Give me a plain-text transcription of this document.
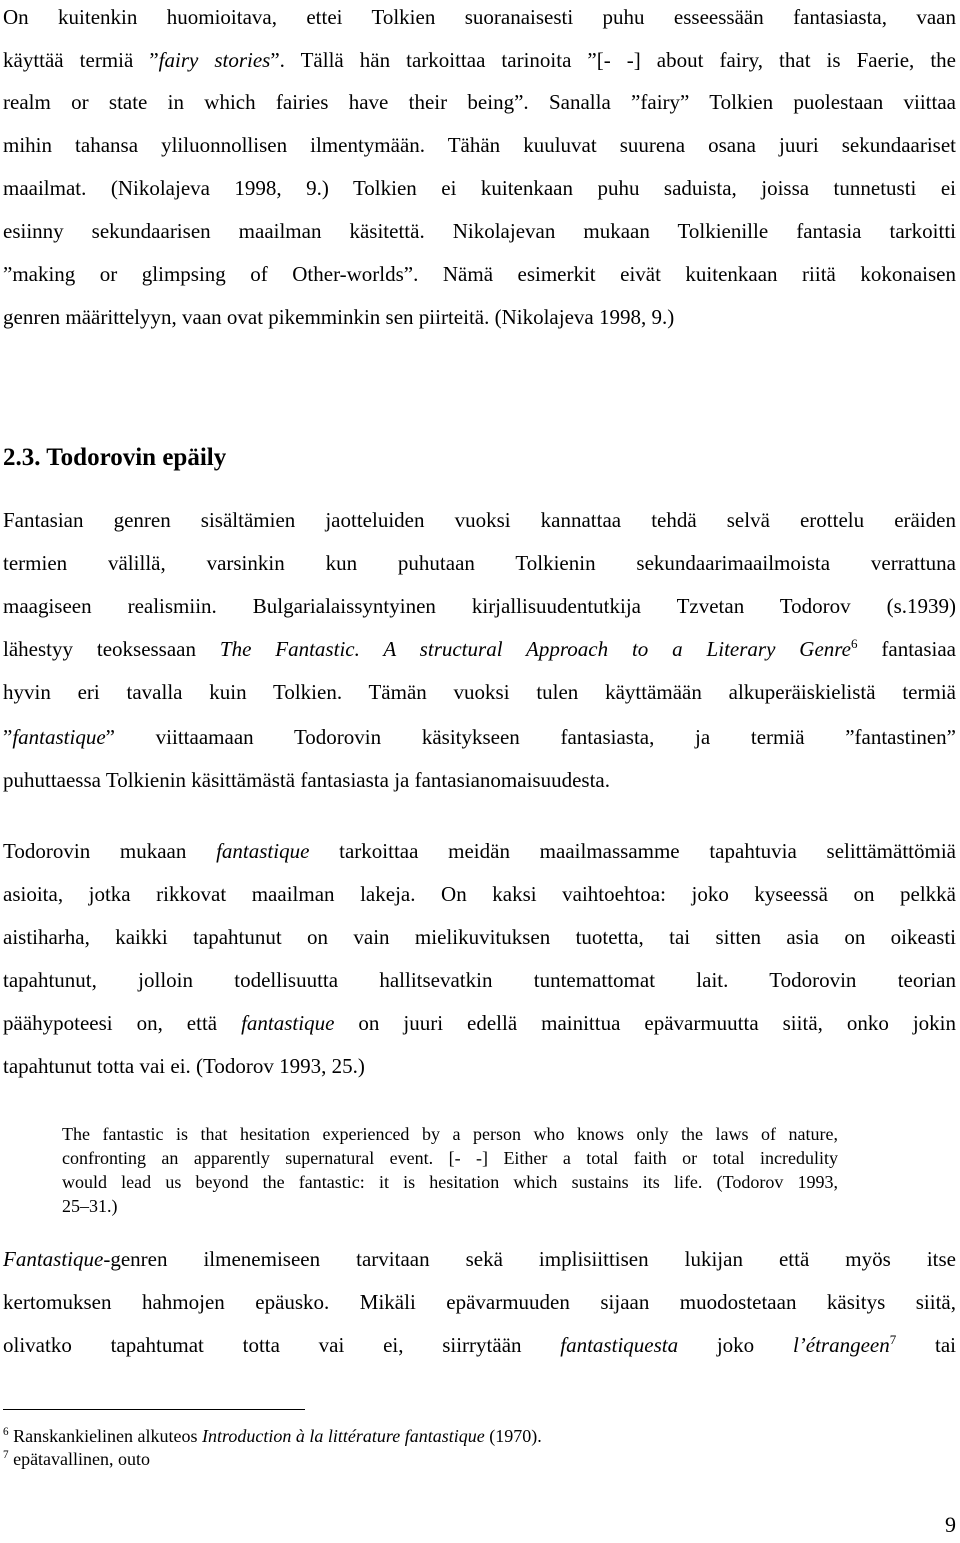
On kuitenkin huomioitava, ettei Tolkien suoranaisesti puhu esseessään fantasiasta, vaan
käyttää termiä ”fairy stories”. Tällä hän tarkoittaa tarinoita ”[- -] about fairy, that is Faerie, the
realm or state in which fairies have their being”. Sanalla ”fairy” Tolkien puolestaan viittaa
mihin tahansa yliluonnollisen ilmentymään. Tähän kuuluvat suurena osana juuri sekundaariset
maailmat. (Nikolajeva 1998, 9.) Tolkien ei kuitenkaan puhu saduista, joissa tunnetusti ei
esiinny sekundaarisen maailman käsitettä. Nikolajevan mukaan Tolkienille fantasia tarkoitti
”making or glimpsing of Other-worlds”. Nämä esimerkit eivät kuitenkaan riitä kokonaisen
genren määrittelyyn, vaan ovat pikemminkin sen piirteitä. (Nikolajeva 1998, 9.)
2.3. Todorovin epäily
Fantasian genren sisältämien jaotteluiden vuoksi kannattaa tehdä selvä erottelu eräiden
termien välillä, varsinkin kun puhutaan Tolkienin sekundaarimaailmoista verrattuna
maagiseen realismiin. Bulgarialaissyntyinen kirjallisuudentutkija Tzvetan Todorov (s.1939)
lähestyy teoksessaan The Fantastic. A structural Approach to a Literary Genre$^6$ fantasiaa
hyvin eri tavalla kuin Tolkien. Tämän vuoksi tulen käyttämään alkuperäiskielistä termiä
”fantastique” viittaamaan Todorovin käsitykseen fantasiasta, ja termiä ”fantastinen”
puhuttaessa Tolkienin käsittämästä fantasiasta ja fantasianomaisuudesta.
Todorovin mukaan fantastique tarkoittaa meidän maailmassamme tapahtuvia selittämättömiä
asioita, jotka rikkovat maailman lakeja. On kaksi vaihtoehtoa: joko kyseessä on pelkkä
aistiharha, kaikki tapahtunut on vain mielikuvituksen tuotetta, tai sitten asia on oikeasti
tapahtunut, jolloin todellisuutta hallitsevatkin tuntemattomat lait. Todorovin teorian
päähypoteesi on, että fantastique on juuri edellä mainittua epävarmuutta siitä, onko jokin
tapahtunut totta vai ei. (Todorov 1993, 25.)
The fantastic is that hesitation experienced by a person who knows only the laws of nature,
confronting an apparently supernatural event. [- -] Either a total faith or total incredulity
would lead us beyond the fantastic: it is hesitation which sustains its life. (Todorov 1993,
25–31.)
Fantastique-genren ilmenemiseen tarvitaan sekä implisiittisen lukijan että myös itse
kertomuksen hahmojen epäusko. Mikäli epävarmuuden sijaan muodostetaan käsitys siitä,
olivatko tapahtumat totta vai ei, siirrytään fantastiquesta joko l’étrangeen$^7$ tai
$^6$ Ranskankielinen alkuteos Introduction à la littérature fantastique (1970).
$^7$ epätavallinen, outo
9
